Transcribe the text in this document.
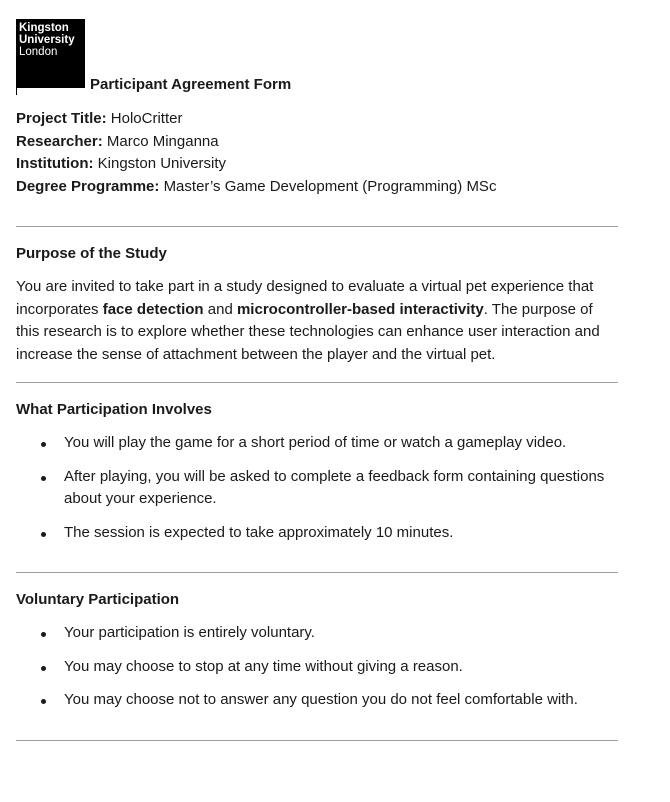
Kingston
University
London
Participant Agreement Form
Project Title: HoloCritter
Researcher: Marco Minganna
Institution: Kingston University
Degree Programme: Master’s Game Development (Programming) MSc
Purpose of the Study

You are invited to take part in a study designed to evaluate a virtual pet experience that incorporates face detection and microcontroller-based interactivity. The purpose of this research is to explore whether these technologies can enhance user interaction and increase the sense of attachment between the player and the virtual pet.

What Participation Involves
You will play the game for a short period of time or watch a gameplay video.
After playing, you will be asked to complete a feedback form containing questions about your experience.
The session is expected to take approximately 10 minutes.
Voluntary Participation
Your participation is entirely voluntary.
You may choose to stop at any time without giving a reason.
You may choose not to answer any question you do not feel comfortable with.
